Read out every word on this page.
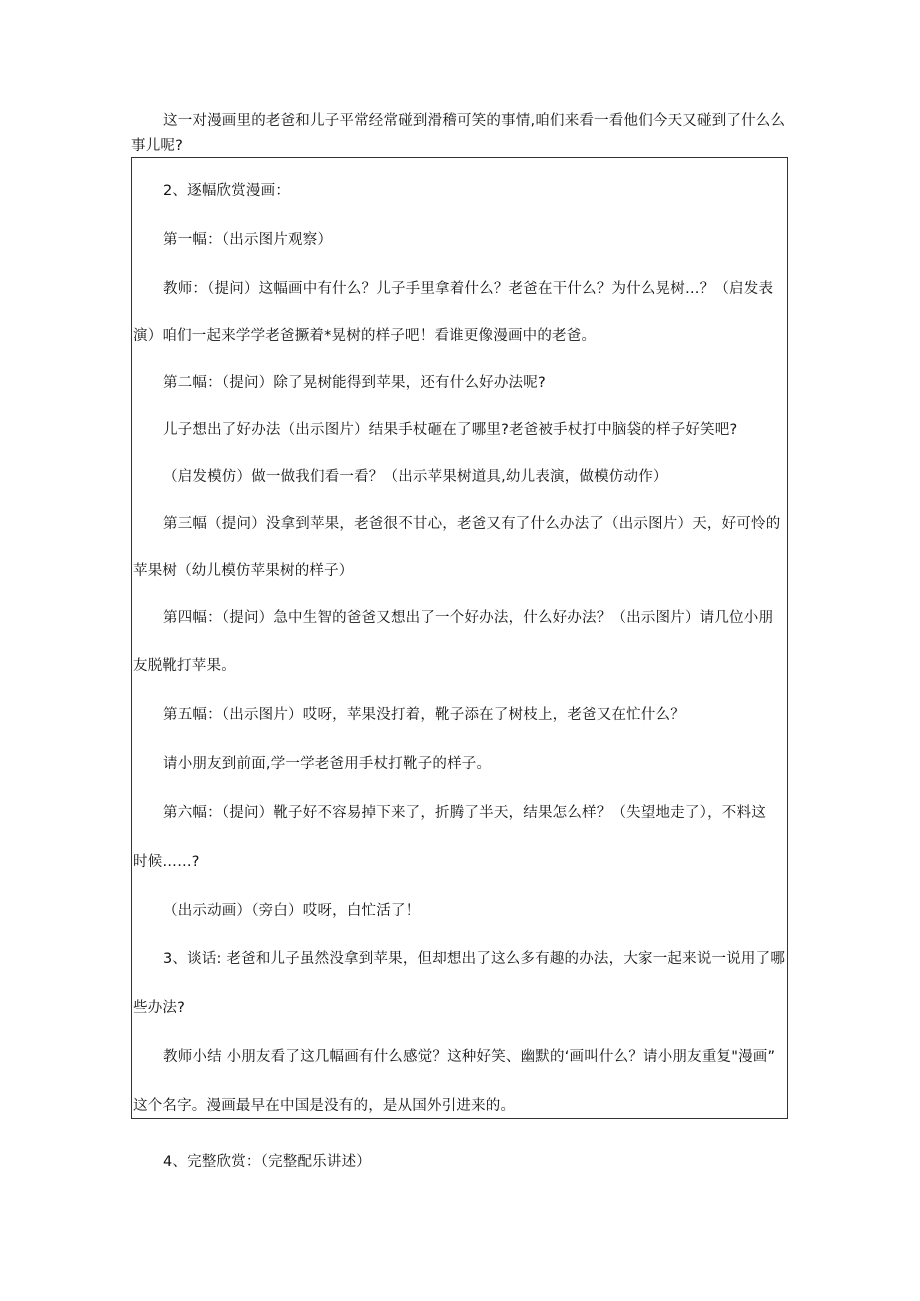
这一对漫画里的老爸和儿子平常经常碰到滑稽可笑的事情,咱们来看一看他们今天又碰到了什么么
事儿呢?
2、逐幅欣赏漫画：
第一幅：（出示图片观察）
教师：（提问）这幅画中有什么？儿子手里拿着什么？老爸在干什么？为什么晃树…？（启发表
演）咱们一起来学学老爸撅着*晃树的样子吧！看谁更像漫画中的老爸。
第二幅：（提问）除了晃树能得到苹果，还有什么好办法呢?
儿子想出了好办法（出示图片）结果手杖砸在了哪里?老爸被手杖打中脑袋的样子好笑吧?
（启发模仿）做一做我们看一看？（出示苹果树道具,幼儿表演，做模仿动作）
第三幅（提问）没拿到苹果，老爸很不甘心，老爸又有了什么办法了（出示图片）天，好可怜的
苹果树（幼儿模仿苹果树的样子）
第四幅：（提问）急中生智的爸爸又想出了一个好办法，什么好办法？（出示图片）请几位小朋
友脱靴打苹果。
第五幅：（出示图片）哎呀，苹果没打着，靴子添在了树枝上，老爸又在忙什么？
请小朋友到前面,学一学老爸用手杖打靴子的样子。
第六幅：（提问）靴子好不容易掉下来了，折腾了半天，结果怎么样？（失望地走了），不料这
时候……?
（出示动画）（旁白）哎呀，白忙活了！
3、谈话: 老爸和儿子虽然没拿到苹果，但却想出了这么多有趣的办法，大家一起来说一说用了哪
些办法?
教师小结 小朋友看了这几幅画有什么感觉？这种好笑、幽默的‘画叫什么？请小朋友重复"漫画”
这个名字。漫画最早在中国是没有的，是从国外引进来的。
4、完整欣赏：（完整配乐讲述）
